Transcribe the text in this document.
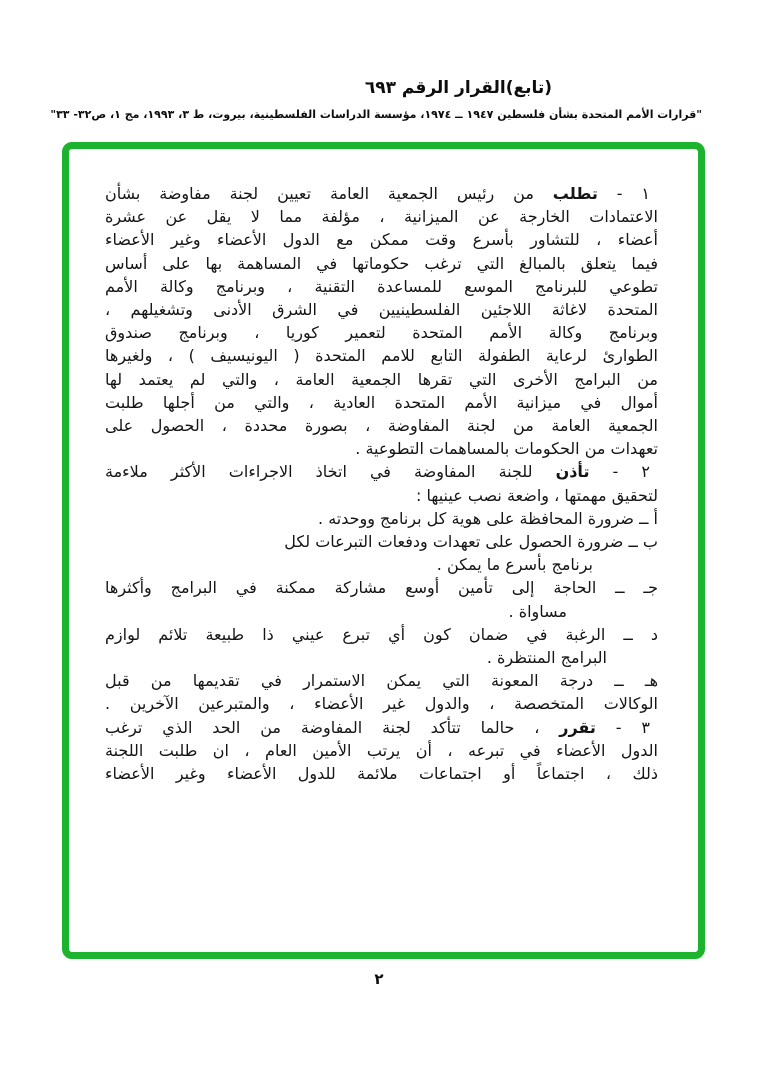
(تابع)القرار الرقم ٦٩٣
"قرارات الأمم المتحدة بشأن فلسطين ١٩٤٧ ــ ١٩٧٤، مؤسسة الدراسات الفلسطينية، بيروت، ط ٣، ١٩٩٣، مج ١، ص٣٢- ٣٣"
١ - تطلب من رئيس الجمعية العامة تعيين لجنة مفاوضة بشأن
الاعتمادات الخارجة عن الميزانية ، مؤلفة مما لا يقل عن عشرة
أعضاء ، للتشاور بأسرع وقت ممكن مع الدول الأعضاء وغير الأعضاء
فيما يتعلق بالمبالغ التي ترغب حكوماتها في المساهمة بها على أساس
تطوعي للبرنامج الموسع للمساعدة التقنية ، وبرنامج وكالة الأمم
المتحدة لاغاثة اللاجئين الفلسطينيين في الشرق الأدنى وتشغيلهم ،
وبرنامج وكالة الأمم المتحدة لتعمير كوريا ، وبرنامج صندوق
الطوارئ لرعاية الطفولة التابع للامم المتحدة ( اليونيسيف ) ، ولغيرها
من البرامج الأخرى التي تقرها الجمعية العامة ، والتي لم يعتمد لها
أموال في ميزانية الأمم المتحدة العادية ، والتي من أجلها طلبت
الجمعية العامة من لجنة المفاوضة ، بصورة محددة ، الحصول على
تعهدات من الحكومات بالمساهمات التطوعية .
٢ - تأذن للجنة المفاوضة في اتخاذ الاجراءات الأكثر ملاءمة
لتحقيق مهمتها ، واضعة نصب عينيها :
أ ــ ضرورة المحافظة على هوية كل برنامج ووحدته .
ب ــ ضرورة الحصول على تعهدات ودفعات التبرعات لكل
برنامج بأسرع ما يمكن .
جـ ــ الحاجة إلى تأمين أوسع مشاركة ممكنة في البرامج وأكثرها
مساواة .
د ــ الرغبة في ضمان كون أي تبرع عيني ذا طبيعة تلائم لوازم
البرامج المنتظرة .
هـ ــ درجة المعونة التي يمكن الاستمرار في تقديمها من قبل
الوكالات المتخصصة ، والدول غير الأعضاء ، والمتبرعين الآخرين .
٣ - تقرر ، حالما تتأكد لجنة المفاوضة من الحد الذي ترغب
الدول الأعضاء في تبرعه ، أن يرتب الأمين العام ، ان طلبت اللجنة
ذلك ، اجتماعاً أو اجتماعات ملائمة للدول الأعضاء وغير الأعضاء
٢
